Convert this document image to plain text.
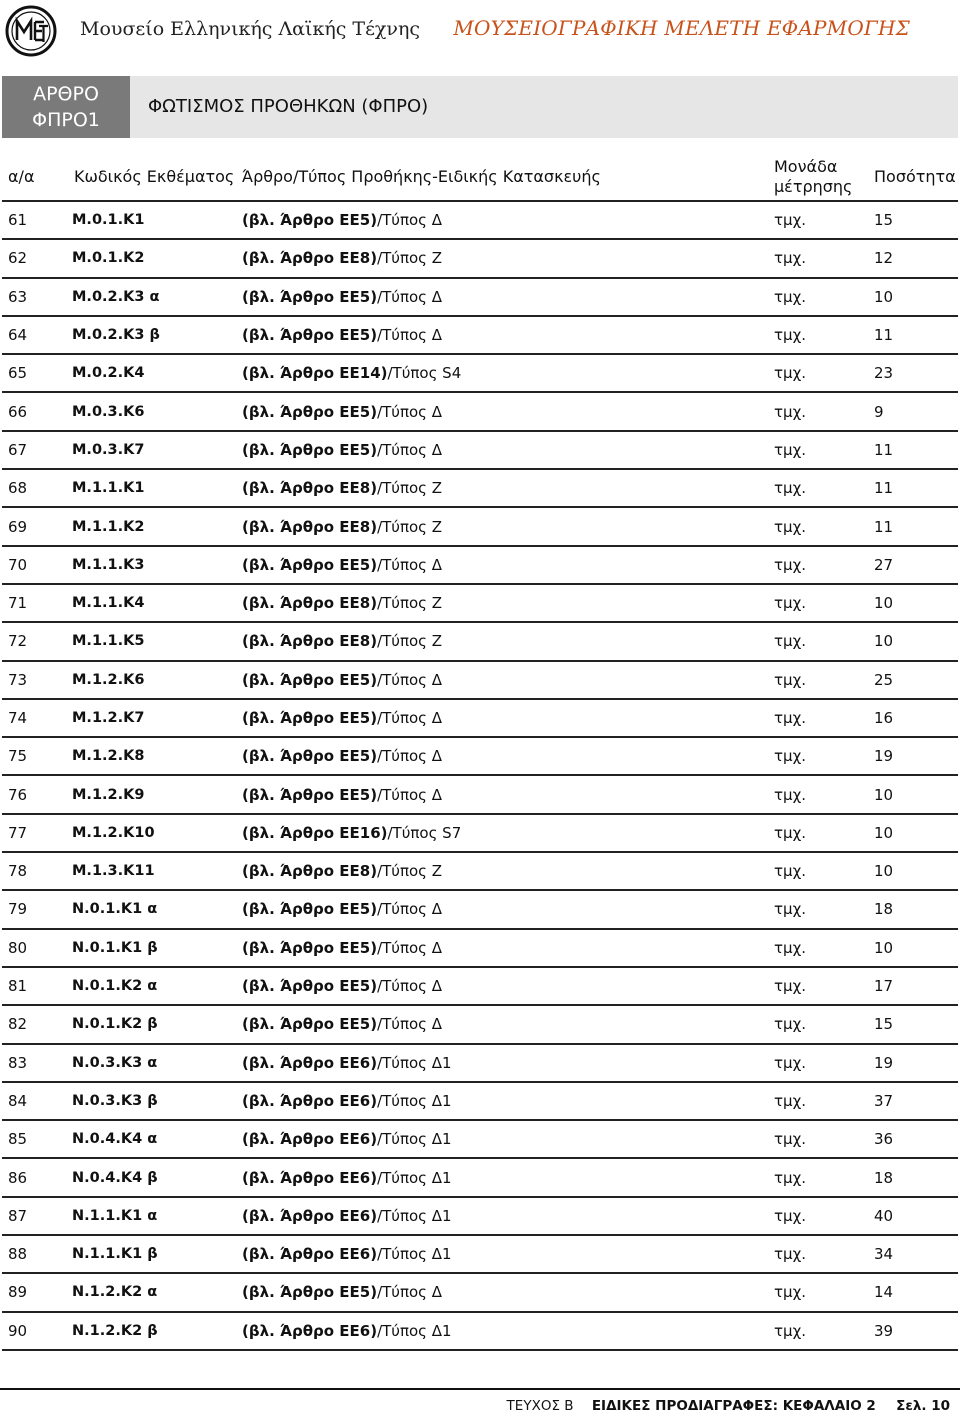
Μουσείο Ελληνικής Λαϊκής Τέχνης ΜΟΥΣΕΙΟΓΡΑΦΙΚΗ ΜΕΛΕΤΗ ΕΦΑΡΜΟΓΗΣ
ΑΡΘΡΟ
ΦΠΡΟ1
ΦΩΤΙΣΜΟΣ ΠΡΟΘΗΚΩΝ (ΦΠΡΟ)
α/α	Κωδικός Εκθέματος	Άρθρο/Τύπος Προθήκης-Ειδικής Κατασκευής	Μονάδα μέτρησης	Ποσότητα
61	Μ.0.1.Κ1	(βλ. Άρθρο ΕΕ5)/Τύπος Δ	τμχ.	15
62	Μ.0.1.Κ2	(βλ. Άρθρο ΕΕ8)/Τύπος Ζ	τμχ.	12
63	Μ.0.2.Κ3 α	(βλ. Άρθρο ΕΕ5)/Τύπος Δ	τμχ.	10
64	Μ.0.2.Κ3 β	(βλ. Άρθρο ΕΕ5)/Τύπος Δ	τμχ.	11
65	Μ.0.2.Κ4	(βλ. Άρθρο ΕΕ14)/Τύπος S4	τμχ.	23
66	Μ.0.3.Κ6	(βλ. Άρθρο ΕΕ5)/Τύπος Δ	τμχ.	9
67	Μ.0.3.Κ7	(βλ. Άρθρο ΕΕ5)/Τύπος Δ	τμχ.	11
68	Μ.1.1.Κ1	(βλ. Άρθρο ΕΕ8)/Τύπος Ζ	τμχ.	11
69	Μ.1.1.Κ2	(βλ. Άρθρο ΕΕ8)/Τύπος Ζ	τμχ.	11
70	Μ.1.1.Κ3	(βλ. Άρθρο ΕΕ5)/Τύπος Δ	τμχ.	27
71	Μ.1.1.Κ4	(βλ. Άρθρο ΕΕ8)/Τύπος Ζ	τμχ.	10
72	Μ.1.1.Κ5	(βλ. Άρθρο ΕΕ8)/Τύπος Ζ	τμχ.	10
73	Μ.1.2.Κ6	(βλ. Άρθρο ΕΕ5)/Τύπος Δ	τμχ.	25
74	Μ.1.2.Κ7	(βλ. Άρθρο ΕΕ5)/Τύπος Δ	τμχ.	16
75	Μ.1.2.Κ8	(βλ. Άρθρο ΕΕ5)/Τύπος Δ	τμχ.	19
76	Μ.1.2.Κ9	(βλ. Άρθρο ΕΕ5)/Τύπος Δ	τμχ.	10
77	Μ.1.2.Κ10	(βλ. Άρθρο ΕΕ16)/Τύπος S7	τμχ.	10
78	Μ.1.3.Κ11	(βλ. Άρθρο ΕΕ8)/Τύπος Ζ	τμχ.	10
79	Ν.0.1.Κ1 α	(βλ. Άρθρο ΕΕ5)/Τύπος Δ	τμχ.	18
80	Ν.0.1.Κ1 β	(βλ. Άρθρο ΕΕ5)/Τύπος Δ	τμχ.	10
81	Ν.0.1.Κ2 α	(βλ. Άρθρο ΕΕ5)/Τύπος Δ	τμχ.	17
82	Ν.0.1.Κ2 β	(βλ. Άρθρο ΕΕ5)/Τύπος Δ	τμχ.	15
83	Ν.0.3.Κ3 α	(βλ. Άρθρο ΕΕ6)/Τύπος Δ1	τμχ.	19
84	Ν.0.3.Κ3 β	(βλ. Άρθρο ΕΕ6)/Τύπος Δ1	τμχ.	37
85	Ν.0.4.Κ4 α	(βλ. Άρθρο ΕΕ6)/Τύπος Δ1	τμχ.	36
86	Ν.0.4.Κ4 β	(βλ. Άρθρο ΕΕ6)/Τύπος Δ1	τμχ.	18
87	Ν.1.1.Κ1 α	(βλ. Άρθρο ΕΕ6)/Τύπος Δ1	τμχ.	40
88	Ν.1.1.Κ1 β	(βλ. Άρθρο ΕΕ6)/Τύπος Δ1	τμχ.	34
89	Ν.1.2.Κ2 α	(βλ. Άρθρο ΕΕ5)/Τύπος Δ	τμχ.	14
90	Ν.1.2.Κ2 β	(βλ. Άρθρο ΕΕ6)/Τύπος Δ1	τμχ.	39
ΤΕΥΧΟΣ Β ΕΙΔΙΚΕΣ ΠΡΟΔΙΑΓΡΑΦΕΣ: ΚΕΦΑΛΑΙΟ 2 Σελ. 10
